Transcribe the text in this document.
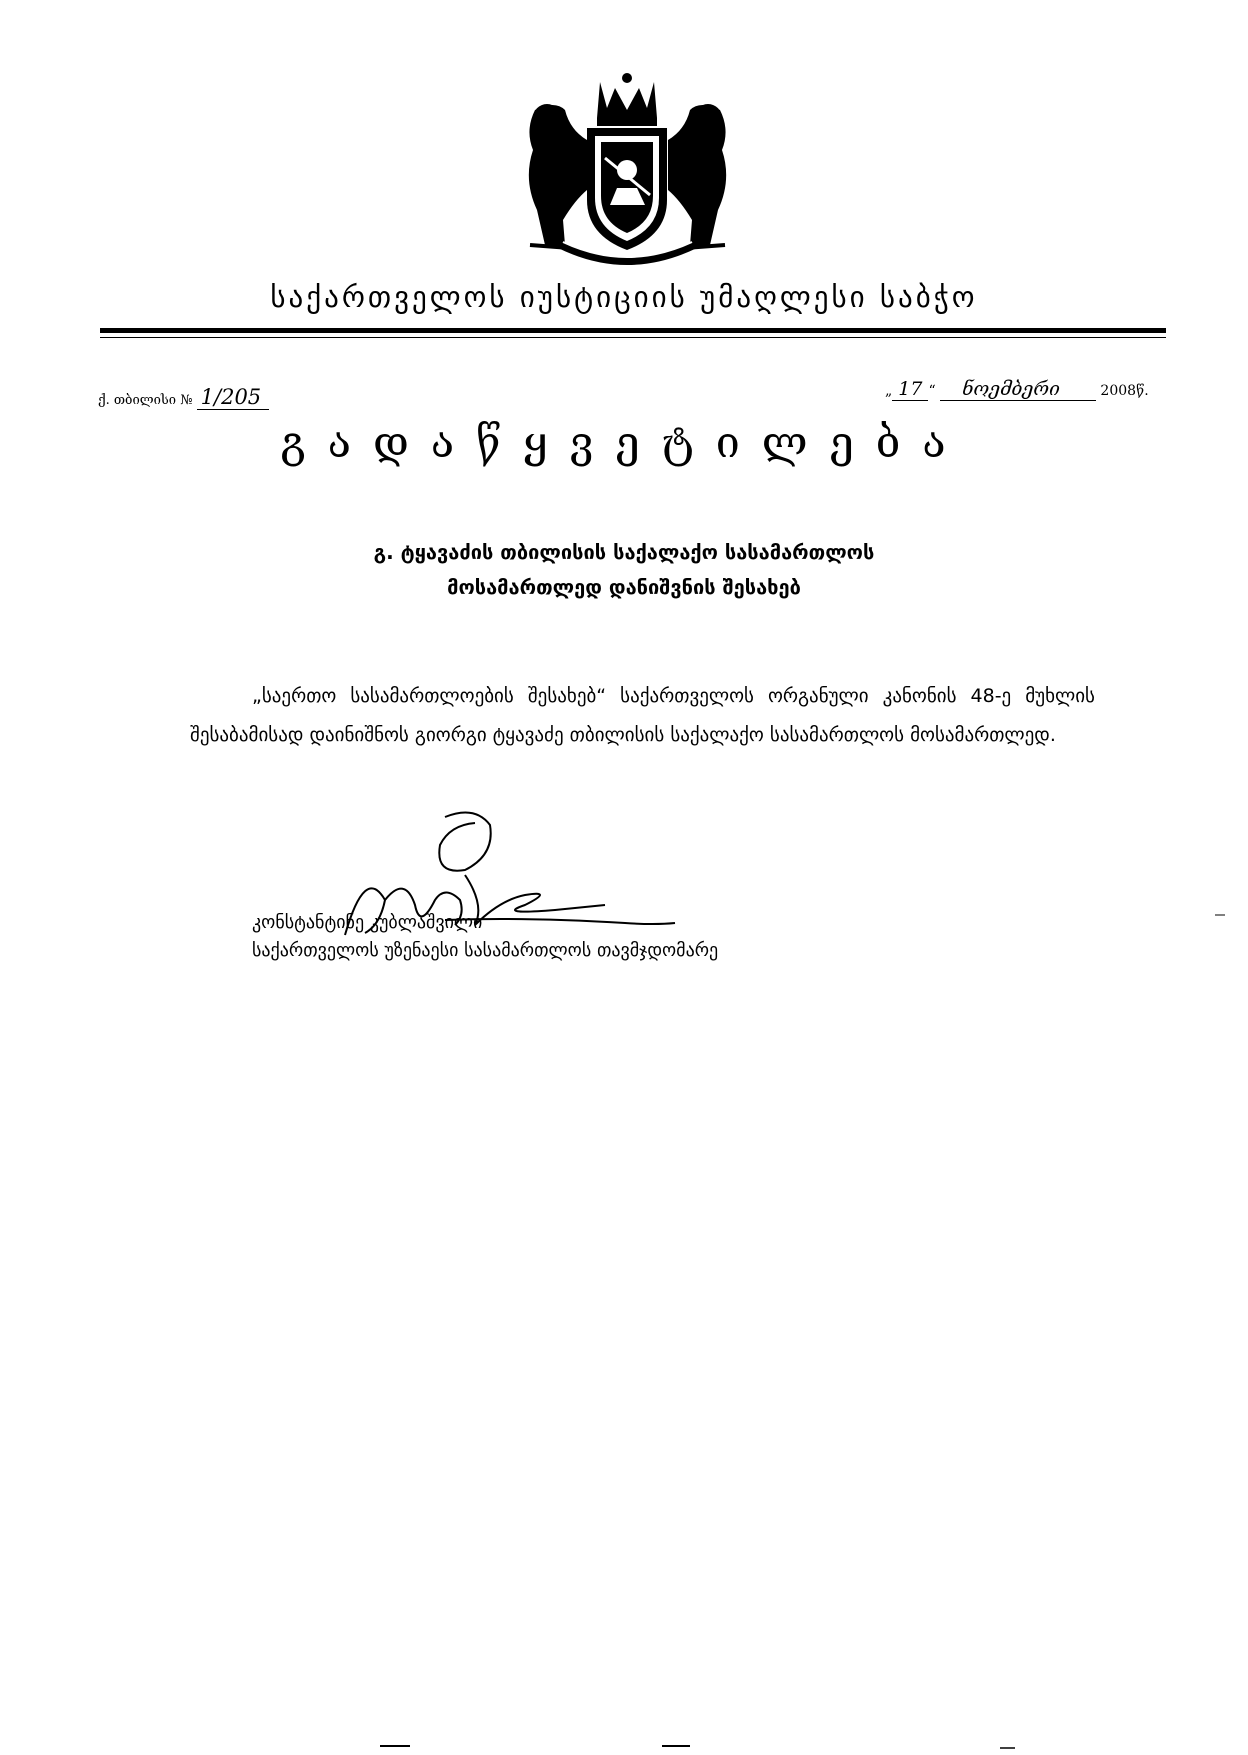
საქართველოს იუსტიციის უმაღლესი საბჭო
ქ. თბილისი № 1/205	„ 17 “ ნოემბერი	2008წ.
გადაწყვეტილება
გ. ტყავაძის თბილისის საქალაქო სასამართლოს
მოსამართლედ დანიშვნის შესახებ
„საერთო სასამართლოების შესახებ“ საქართველოს ორგანული კანონის 48-ე მუხლის შესაბამისად დაინიშნოს გიორგი ტყავაძე თბილისის საქალაქო სასამართლოს მოსამართლედ.
კონსტანტინე კუბლაშვილი
საქართველოს უზენაესი სასამართლოს თავმჯდომარე
